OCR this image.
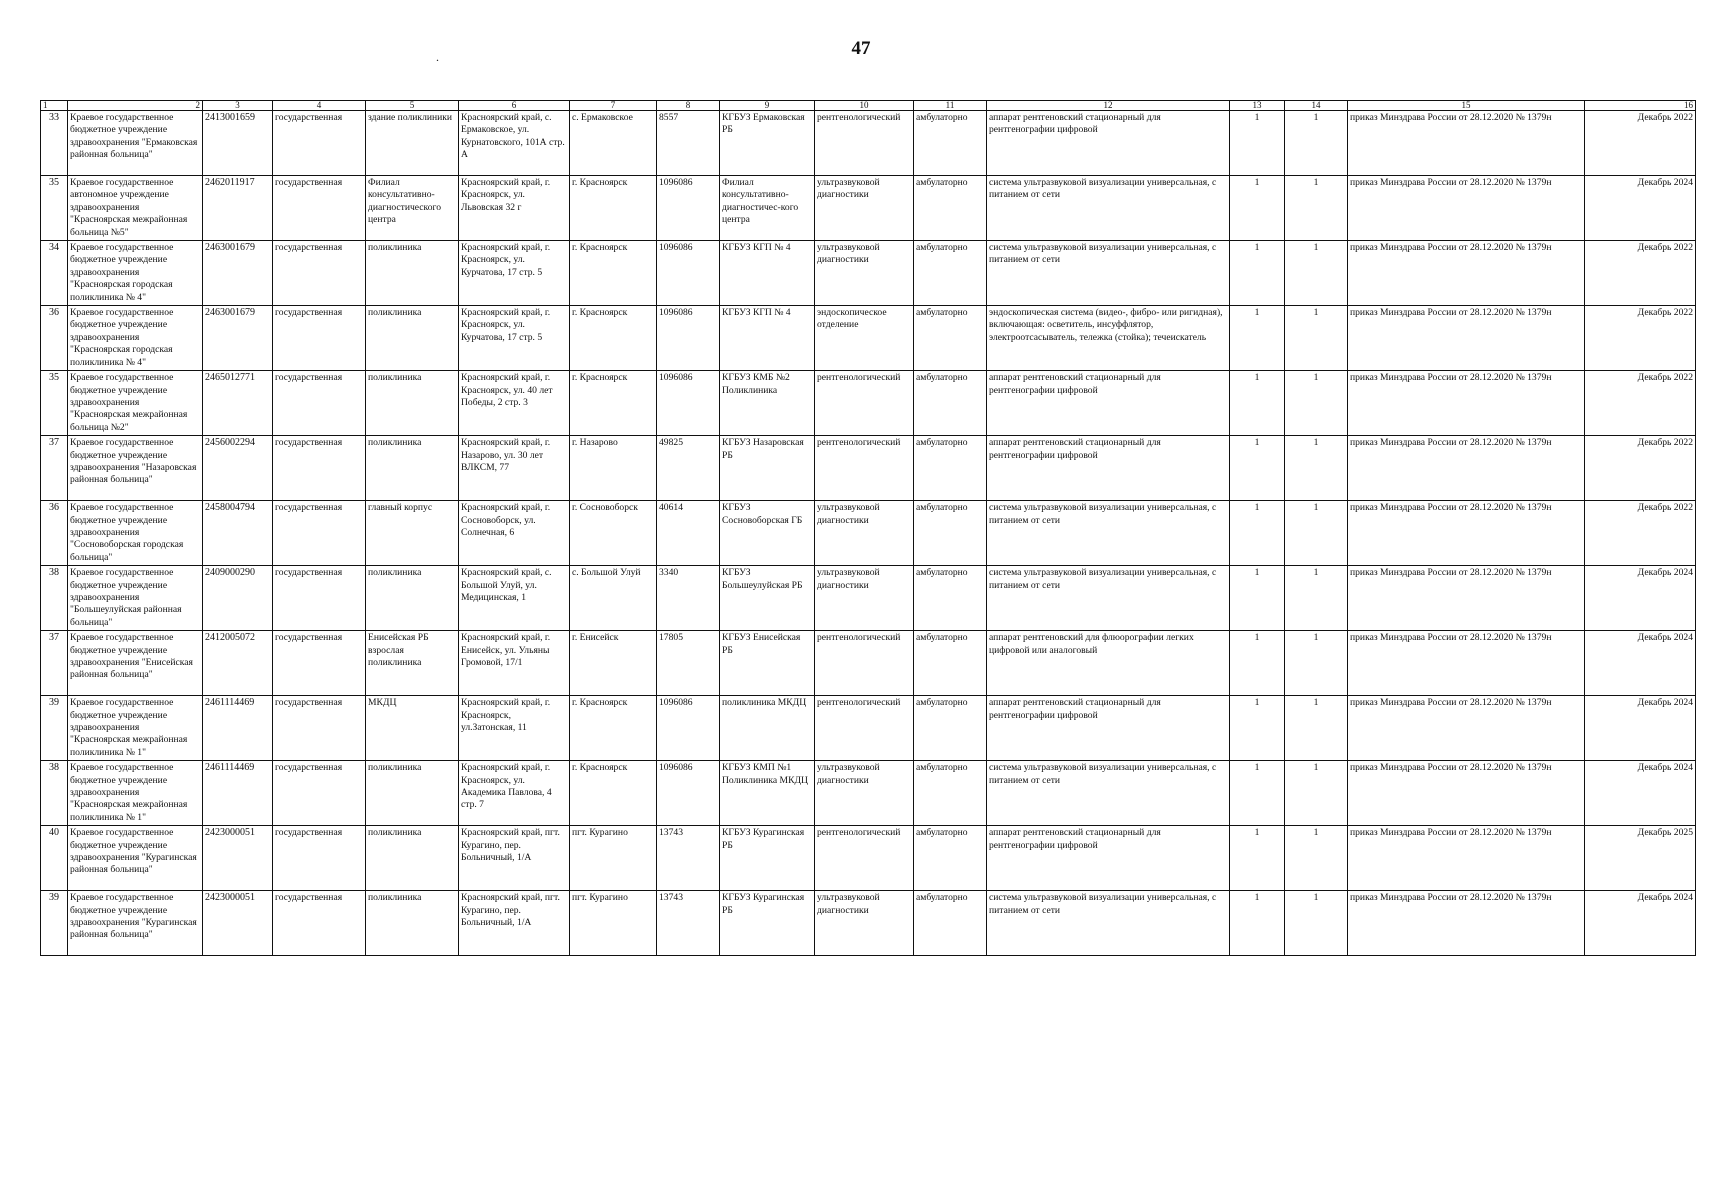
47
.
1	2	3	4	5	6	7	8	9	10	11	12	13	14	15	16
33	Краевое государственное бюджетное учреждение здравоохранения "Ермаковская районная больница"	2413001659	государственная	здание поликлиники	Красноярский край, с. Ермаковское, ул. Курнатовского, 101А стр. А	с. Ермаковское	8557	КГБУЗ Ермаковская РБ	рентгенологический	амбулаторно	аппарат рентгеновский стационарный для рентгенографии цифровой	1	1	приказ Минздрава России от 28.12.2020 № 1379н	Декабрь 2022
35	Краевое государственное автономное учреждение здравоохранения "Красноярская межрайонная больница №5"	2462011917	государственная	Филиал консультативно-диагностического центра	Красноярский край, г. Красноярск, ул. Львовская 32 г	г. Красноярск	1096086	Филиал консультативно-диагностичес-кого центра	ультразвуковой диагностики	амбулаторно	система ультразвуковой визуализации универсальная, с питанием от сети	1	1	приказ Минздрава России от 28.12.2020 № 1379н	Декабрь 2024
34	Краевое государственное бюджетное учреждение здравоохранения "Красноярская городская поликлиника № 4"	2463001679	государственная	поликлиника	Красноярский край, г. Красноярск, ул. Курчатова, 17 стр. 5	г. Красноярск	1096086	КГБУЗ КГП № 4	ультразвуковой диагностики	амбулаторно	система ультразвуковой визуализации универсальная, с питанием от сети	1	1	приказ Минздрава России от 28.12.2020 № 1379н	Декабрь 2022
36	Краевое государственное бюджетное учреждение здравоохранения "Красноярская городская поликлиника № 4"	2463001679	государственная	поликлиника	Красноярский край, г. Красноярск, ул. Курчатова, 17 стр. 5	г. Красноярск	1096086	КГБУЗ КГП № 4	эндоскопическое отделение	амбулаторно	эндоскопическая система (видео-, фибро- или ригидная), включающая: осветитель, инсуффлятор, электроотсасыватель, тележка (стойка); течеискатель	1	1	приказ Минздрава России от 28.12.2020 № 1379н	Декабрь 2022
35	Краевое государственное бюджетное учреждение здравоохранения "Красноярская межрайонная больница №2"	2465012771	государственная	поликлиника	Красноярский край, г. Красноярск, ул. 40 лет Победы, 2 стр. 3	г. Красноярск	1096086	КГБУЗ КМБ №2 Поликлиника	рентгенологический	амбулаторно	аппарат рентгеновский стационарный для рентгенографии цифровой	1	1	приказ Минздрава России от 28.12.2020 № 1379н	Декабрь 2022
37	Краевое государственное бюджетное учреждение здравоохранения "Назаровская районная больница"	2456002294	государственная	поликлиника	Красноярский край, г. Назарово, ул. 30 лет ВЛКСМ, 77	г. Назарово	49825	КГБУЗ Назаровская РБ	рентгенологический	амбулаторно	аппарат рентгеновский стационарный для рентгенографии цифровой	1	1	приказ Минздрава России от 28.12.2020 № 1379н	Декабрь 2022
36	Краевое государственное бюджетное учреждение здравоохранения "Сосновоборская городская больница"	2458004794	государственная	главный корпус	Красноярский край, г. Сосновоборск, ул. Солнечная, 6	г. Сосновоборск	40614	КГБУЗ Сосновоборская ГБ	ультразвуковой диагностики	амбулаторно	система ультразвуковой визуализации универсальная, с питанием от сети	1	1	приказ Минздрава России от 28.12.2020 № 1379н	Декабрь 2022
38	Краевое государственное бюджетное учреждение здравоохранения "Большеулуйская районная больница"	2409000290	государственная	поликлиника	Красноярский край, с. Большой Улуй, ул. Медицинская, 1	с. Большой Улуй	3340	КГБУЗ Большеулуйская РБ	ультразвуковой диагностики	амбулаторно	система ультразвуковой визуализации универсальная, с питанием от сети	1	1	приказ Минздрава России от 28.12.2020 № 1379н	Декабрь 2024
37	Краевое государственное бюджетное учреждение здравоохранения "Енисейская районная больница"	2412005072	государственная	Енисейская РБ взрослая поликлиника	Красноярский край, г. Енисейск, ул. Ульяны Громовой, 17/1	г. Енисейск	17805	КГБУЗ Енисейская РБ	рентгенологический	амбулаторно	аппарат рентгеновский для флюорографии легких цифровой или аналоговый	1	1	приказ Минздрава России от 28.12.2020 № 1379н	Декабрь 2024
39	Краевое государственное бюджетное учреждение здравоохранения "Красноярская межрайонная поликлиника № 1"	2461114469	государственная	МКДЦ	Красноярский край, г. Красноярск, ул.Затонская, 11	г. Красноярск	1096086	поликлиника МКДЦ	рентгенологический	амбулаторно	аппарат рентгеновский стационарный для рентгенографии цифровой	1	1	приказ Минздрава России от 28.12.2020 № 1379н	Декабрь 2024
38	Краевое государственное бюджетное учреждение здравоохранения "Красноярская межрайонная поликлиника № 1"	2461114469	государственная	поликлиника	Красноярский край, г. Красноярск, ул. Академика Павлова, 4 стр. 7	г. Красноярск	1096086	КГБУЗ КМП №1 Поликлиника МКДЦ	ультразвуковой диагностики	амбулаторно	система ультразвуковой визуализации универсальная, с питанием от сети	1	1	приказ Минздрава России от 28.12.2020 № 1379н	Декабрь 2024
40	Краевое государственное бюджетное учреждение здравоохранения "Курагинская районная больница"	2423000051	государственная	поликлиника	Красноярский край, пгт. Курагино, пер. Больничный, 1/А	пгт. Курагино	13743	КГБУЗ Курагинская РБ	рентгенологический	амбулаторно	аппарат рентгеновский стационарный для рентгенографии цифровой	1	1	приказ Минздрава России от 28.12.2020 № 1379н	Декабрь 2025
39	Краевое государственное бюджетное учреждение здравоохранения "Курагинская районная больница"	2423000051	государственная	поликлиника	Красноярский край, пгт. Курагино, пер. Больничный, 1/А	пгт. Курагино	13743	КГБУЗ Курагинская РБ	ультразвуковой диагностики	амбулаторно	система ультразвуковой визуализации универсальная, с питанием от сети	1	1	приказ Минздрава России от 28.12.2020 № 1379н	Декабрь 2024
